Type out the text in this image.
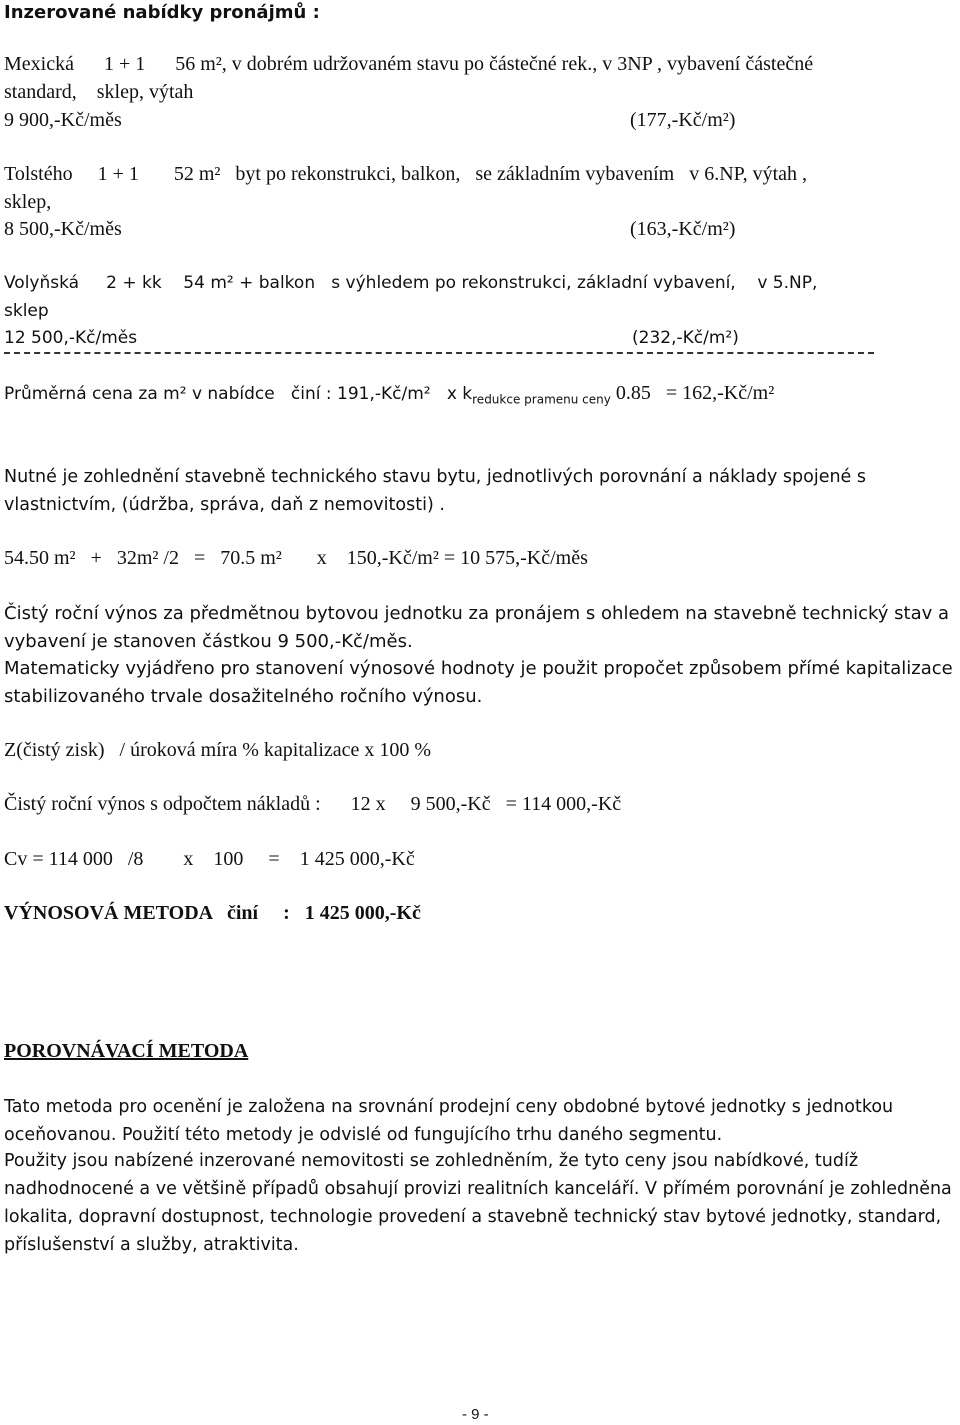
Inzerované nabídky pronájmů :
Mexická      1 + 1      56 m², v dobrém udržovaném stavu po částečné rek., v 3NP , vybavení částečné
standard,    sklep, výtah
9 900,-Kč/měs	(177,-Kč/m²)
Tolstého     1 + 1       52 m²   byt po rekonstrukci, balkon,   se základním vybavením   v 6.NP, výtah ,
sklep,
8 500,-Kč/měs	(163,-Kč/m²)
Volyňská     2 + kk    54 m² + balkon   s výhledem po rekonstrukci, základní vybavení,    v 5.NP,
sklep
12 500,-Kč/měs	(232,-Kč/m²)
Průměrná cena za m² v nabídce   činí : 191,-Kč/m²   x $k_{redukce pramenu ceny}$ 0.85   = 162,-Kč/m²
Nutné je zohlednění stavebně technického stavu bytu, jednotlivých porovnání a náklady spojené s vlastnictvím, (údržba, správa, daň z nemovitosti) .
54.50 m²   +   32m² /2   =   70.5 m²       x    150,-Kč/m² = 10 575,-Kč/měs
Čistý roční výnos za předmětnou bytovou jednotku za pronájem s ohledem na stavebně technický stav a vybavení je stanoven částkou 9 500,-Kč/měs.
Matematicky vyjádřeno pro stanovení výnosové hodnoty je použit propočet způsobem přímé kapitalizace stabilizovaného trvale dosažitelného ročního výnosu.
Z(čistý zisk)   / úroková míra % kapitalizace x 100 %
Čistý roční výnos s odpočtem nákladů : 12 x     9 500,-Kč   = 114 000,-Kč
Cv = 114 000   /8        x    100     =    1 425 000,-Kč
VÝNOSOVÁ METODA   činí :   1 425 000,-Kč
POROVNÁVACÍ METODA
Tato metoda pro ocenění je založena na srovnání prodejní ceny obdobné bytové jednotky s jednotkou oceňovanou. Použití této metody je odvislé od fungujícího trhu daného segmentu.
Použity jsou nabízené inzerované nemovitosti se zohledněním, že tyto ceny jsou nabídkové, tudíž nadhodnocené a ve většině případů obsahují provizi realitních kanceláří. V přímém porovnání je zohledněna lokalita, dopravní dostupnost, technologie provedení a stavebně technický stav bytové jednotky, standard, příslušenství a služby, atraktivita.
- 9 -
